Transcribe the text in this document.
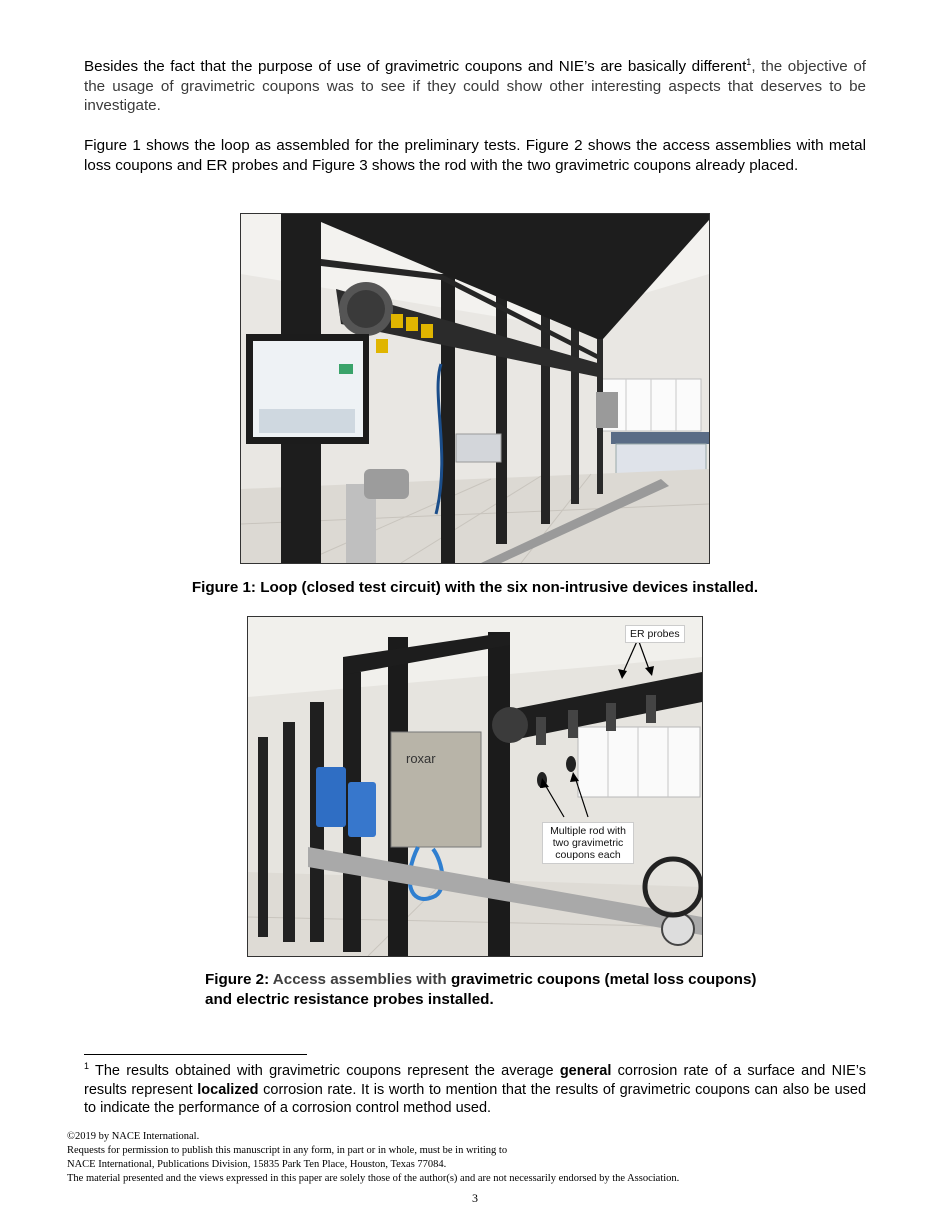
Besides the fact that the purpose of use of gravimetric coupons and NIE’s are basically different$^1$, the objective of the usage of gravimetric coupons was to see if they could show other interesting aspects that deserves to be investigate.

Figure 1 shows the loop as assembled for the preliminary tests. Figure 2 shows the access assemblies with metal loss coupons and ER probes and Figure 3 shows the rod with the two gravimetric coupons already placed.

Figure 1: Loop (closed test circuit) with the six non-intrusive devices installed.

roxar
ER probes
Multiple rod with two gravimetric coupons each

Figure 2: Access assemblies with gravimetric coupons (metal loss coupons) and electric resistance probes installed.

$^1$ The results obtained with gravimetric coupons represent the average general corrosion rate of a surface and NIE’s results represent localized corrosion rate. It is worth to mention that the results of gravimetric coupons can also be used to indicate the performance of a corrosion control method used.

©2019 by NACE International.
Requests for permission to publish this manuscript in any form, in part or in whole, must be in writing to
NACE International, Publications Division, 15835 Park Ten Place, Houston, Texas 77084.
The material presented and the views expressed in this paper are solely those of the author(s) and are not necessarily endorsed by the Association.
3
